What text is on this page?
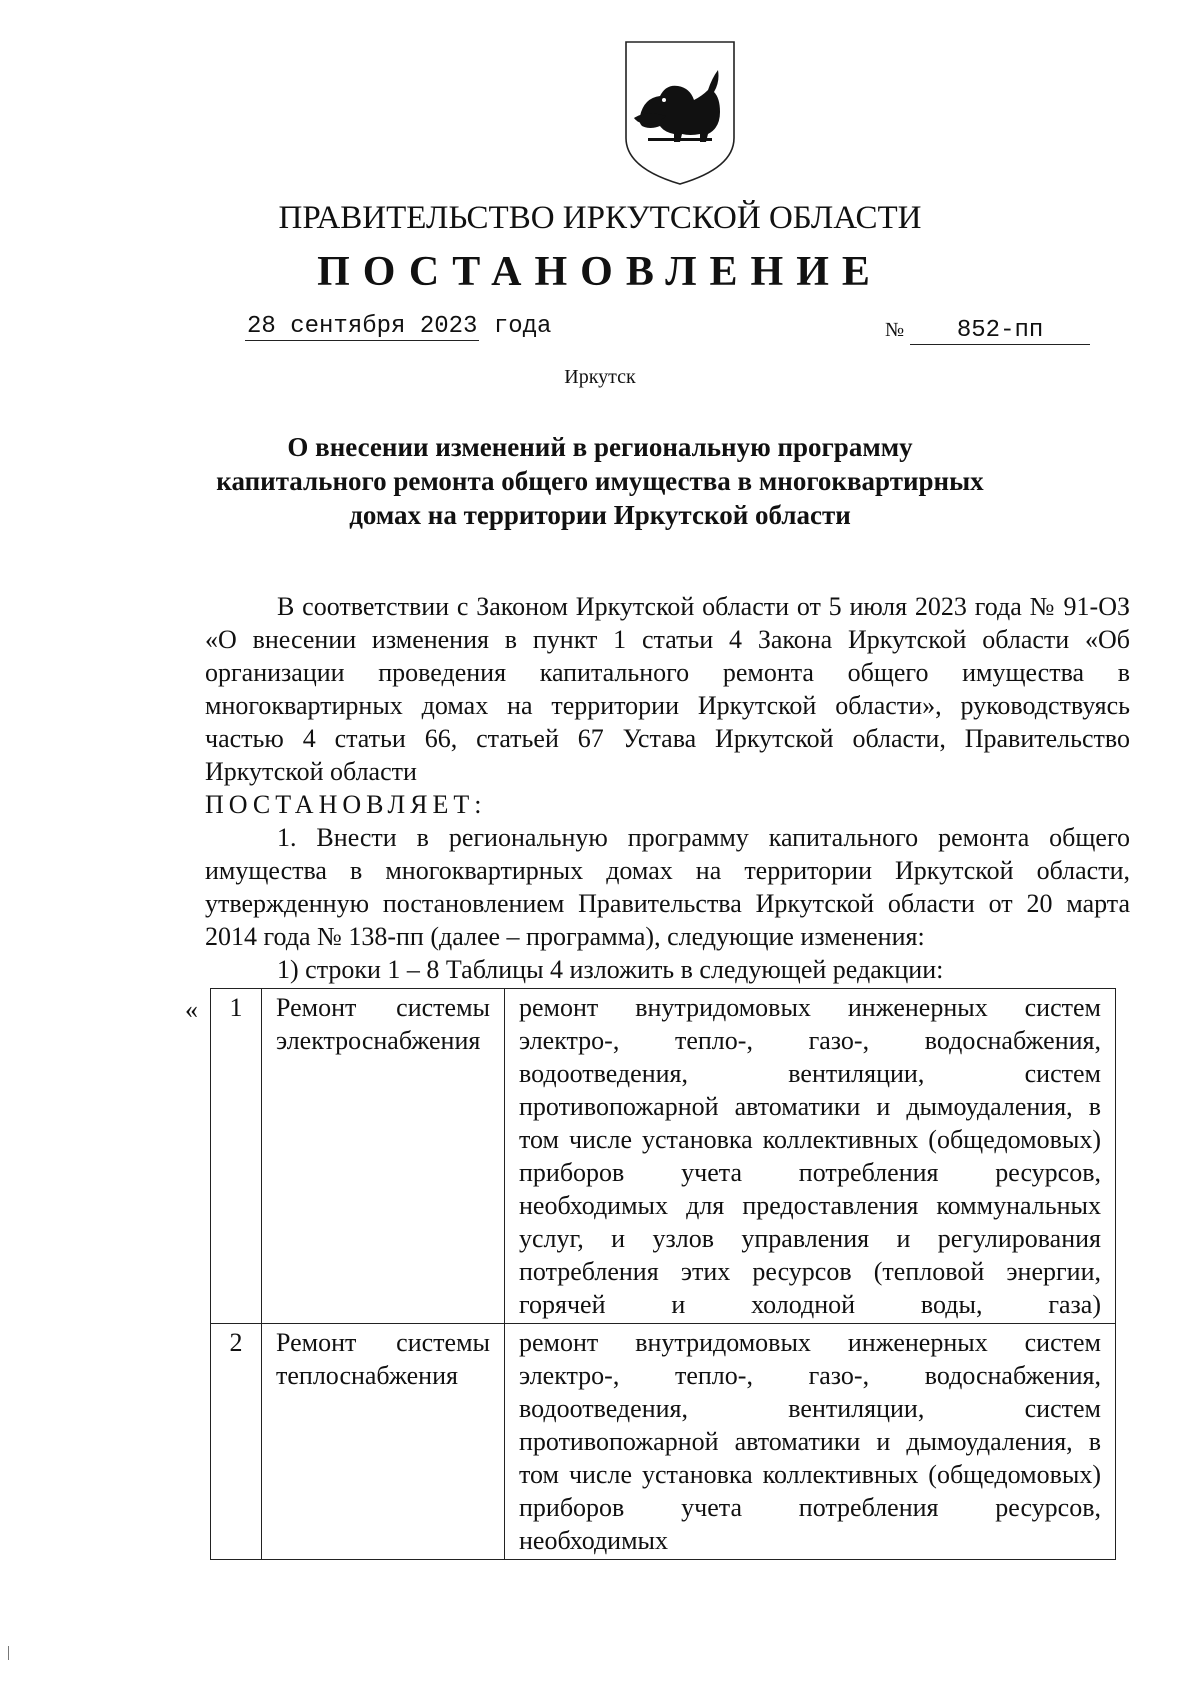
ПРАВИТЕЛЬСТВО ИРКУТСКОЙ ОБЛАСТИ
ПОСТАНОВЛЕНИЕ
28 сентября 2023 года	№ 852-пп
Иркутск
О внесении изменений в региональную программу капитального ремонта общего имущества в многоквартирных домах на территории Иркутской области

В соответствии с Законом Иркутской области от 5 июля 2023 года № 91-ОЗ «О внесении изменения в пункт 1 статьи 4 Закона Иркутской области «Об организации проведения капитального ремонта общего имущества в многоквартирных домах на территории Иркутской области», руководствуясь частью 4 статьи 66, статьей 67 Устава Иркутской области, Правительство Иркутской области

ПОСТАНОВЛЯЕТ:

1. Внести в региональную программу капитального ремонта общего имущества в многоквартирных домах на территории Иркутской области, утвержденную постановлением Правительства Иркутской области от 20 марта 2014 года № 138-пп (далее – программа), следующие изменения:

1) строки 1 – 8 Таблицы 4 изложить в следующей редакции:

« 1	Ремонт системы электроснабжения	ремонт внутридомовых инженерных систем электро-, тепло-, газо-, водоснабжения, водоотведения, вентиляции, систем противопожарной автоматики и дымоудаления, в том числе установка коллективных (общедомовых) приборов учета потребления ресурсов, необходимых для предоставления коммунальных услуг, и узлов управления и регулирования потребления этих ресурсов (тепловой энергии, горячей и холодной воды, газа)
2	Ремонт системы теплоснабжения	ремонт внутридомовых инженерных систем электро-, тепло-, газо-, водоснабжения, водоотведения, вентиляции, систем противопожарной автоматики и дымоудаления, в том числе установка коллективных (общедомовых) приборов учета потребления ресурсов, необходимых
